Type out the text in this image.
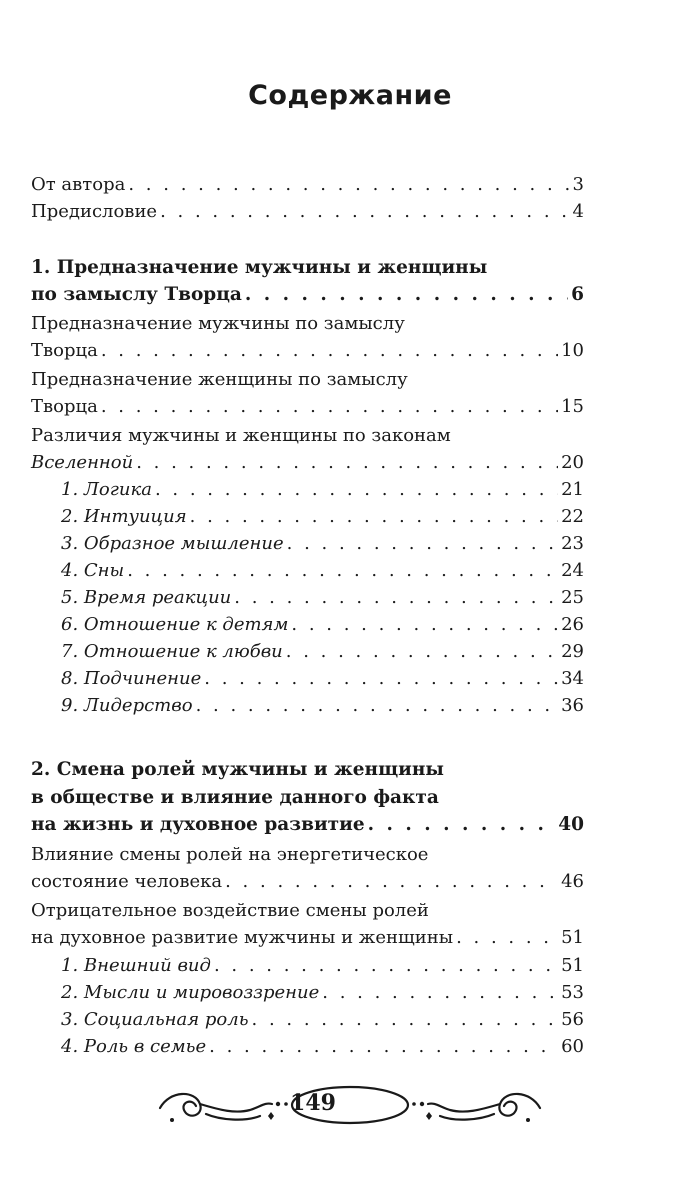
Содержание
От автора . . .	3
Предисловие . . .	4
1. Предназначение мужчины и женщины
по замыслу Творца . . .	6
Предназначение мужчины по замыслу
Творца . . .	10
Предназначение женщины по замыслу
Творца . . .	15
Различия мужчины и женщины по законам
Вселенной . . .	20
1. Логика . . .	21
2. Интуиция . . .	22
3. Образное мышление . . .	23
4. Сны . . .	24
5. Время реакции . . .	25
6. Отношение к детям . . .	26
7. Отношение к любви . . .	29
8. Подчинение . . .	34
9. Лидерство . . .	36
2. Смена ролей мужчины и женщины
в обществе и влияние данного факта
на жизнь и духовное развитие . . .	40
Влияние смены ролей на энергетическое
состояние человека . . .	46
Отрицательное воздействие смены ролей
на духовное развитие мужчины и женщины . . .	51
1. Внешний вид . . .	51
2. Мысли и мировоззрение . . .	53
3. Социальная роль . . .	56
4. Роль в семье . . .	60
149
